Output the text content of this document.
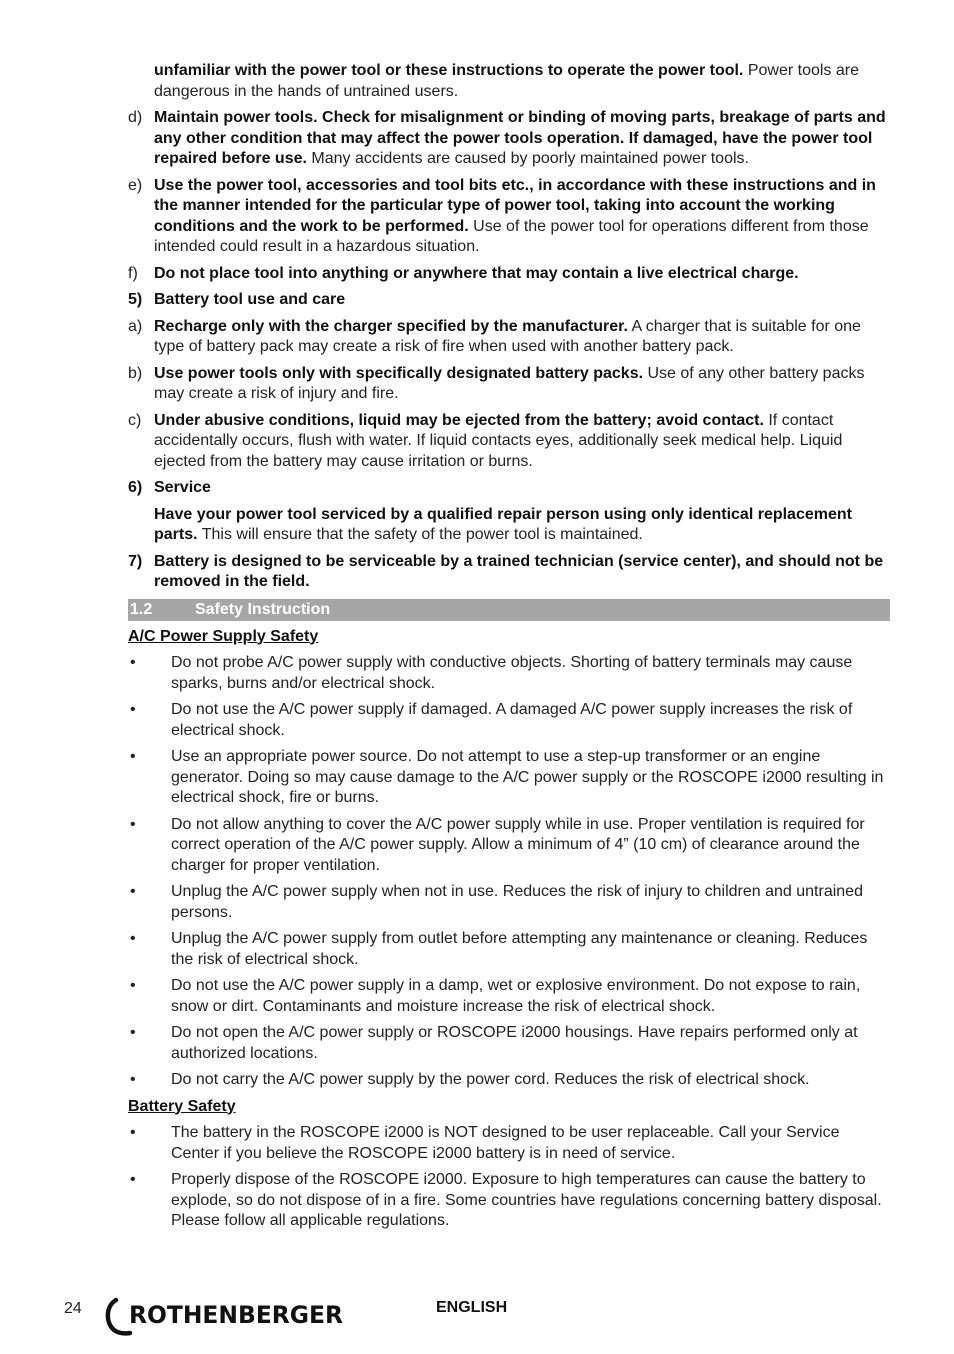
unfamiliar with the power tool or these instructions to operate the power tool. Power tools are dangerous in the hands of untrained users.
d) Maintain power tools. Check for misalignment or binding of moving parts, breakage of parts and any other condition that may affect the power tools operation. If damaged, have the power tool repaired before use. Many accidents are caused by poorly maintained power tools.
e) Use the power tool, accessories and tool bits etc., in accordance with these instructions and in the manner intended for the particular type of power tool, taking into account the working conditions and the work to be performed. Use of the power tool for operations different from those intended could result in a hazardous situation.
f)	Do not place tool into anything or anywhere that may contain a live electrical charge.
5) Battery tool use and care
a) Recharge only with the charger specified by the manufacturer. A charger that is suitable for one type of battery pack may create a risk of fire when used with another battery pack.
b) Use power tools only with specifically designated battery packs. Use of any other battery packs may create a risk of injury and fire.
c) Under abusive conditions, liquid may be ejected from the battery; avoid contact. If contact accidentally occurs, flush with water. If liquid contacts eyes, additionally seek medical help. Liquid ejected from the battery may cause irritation or burns.
6) Service
Have your power tool serviced by a qualified repair person using only identical replacement parts. This will ensure that the safety of the power tool is maintained.
7) Battery is designed to be serviceable by a trained technician (service center), and should not be removed in the field.
1.2	Safety Instruction
A/C Power Supply Safety
•	Do not probe A/C power supply with conductive objects. Shorting of battery terminals may cause sparks, burns and/or electrical shock.
•	Do not use the A/C power supply if damaged. A damaged A/C power supply increases the risk of electrical shock.
•	Use an appropriate power source. Do not attempt to use a step-up transformer or an engine generator. Doing so may cause damage to the A/C power supply or the ROSCOPE i2000 resulting in electrical shock, fire or burns.
•	Do not allow anything to cover the A/C power supply while in use. Proper ventilation is required for correct operation of the A/C power supply. Allow a minimum of 4” (10 cm) of clearance around the charger for proper ventilation.
•	Unplug the A/C power supply when not in use. Reduces the risk of injury to children and untrained persons.
•	Unplug the A/C power supply from outlet before attempting any maintenance or cleaning. Reduces the risk of electrical shock.
•	Do not use the A/C power supply in a damp, wet or explosive environment. Do not expose to rain, snow or dirt. Contaminants and moisture increase the risk of electrical shock.
•	Do not open the A/C power supply or ROSCOPE i2000 housings. Have repairs performed only at authorized locations.
•	Do not carry the A/C power supply by the power cord. Reduces the risk of electrical shock.
Battery Safety
•	The battery in the ROSCOPE i2000 is NOT designed to be user replaceable. Call your Service Center if you believe the ROSCOPE i2000 battery is in need of service.
•	Properly dispose of the ROSCOPE i2000. Exposure to high temperatures can cause the battery to explode, so do not dispose of in a fire. Some countries have regulations concerning battery disposal. Please follow all applicable regulations.
24 ROTHENBERGER	ENGLISH
